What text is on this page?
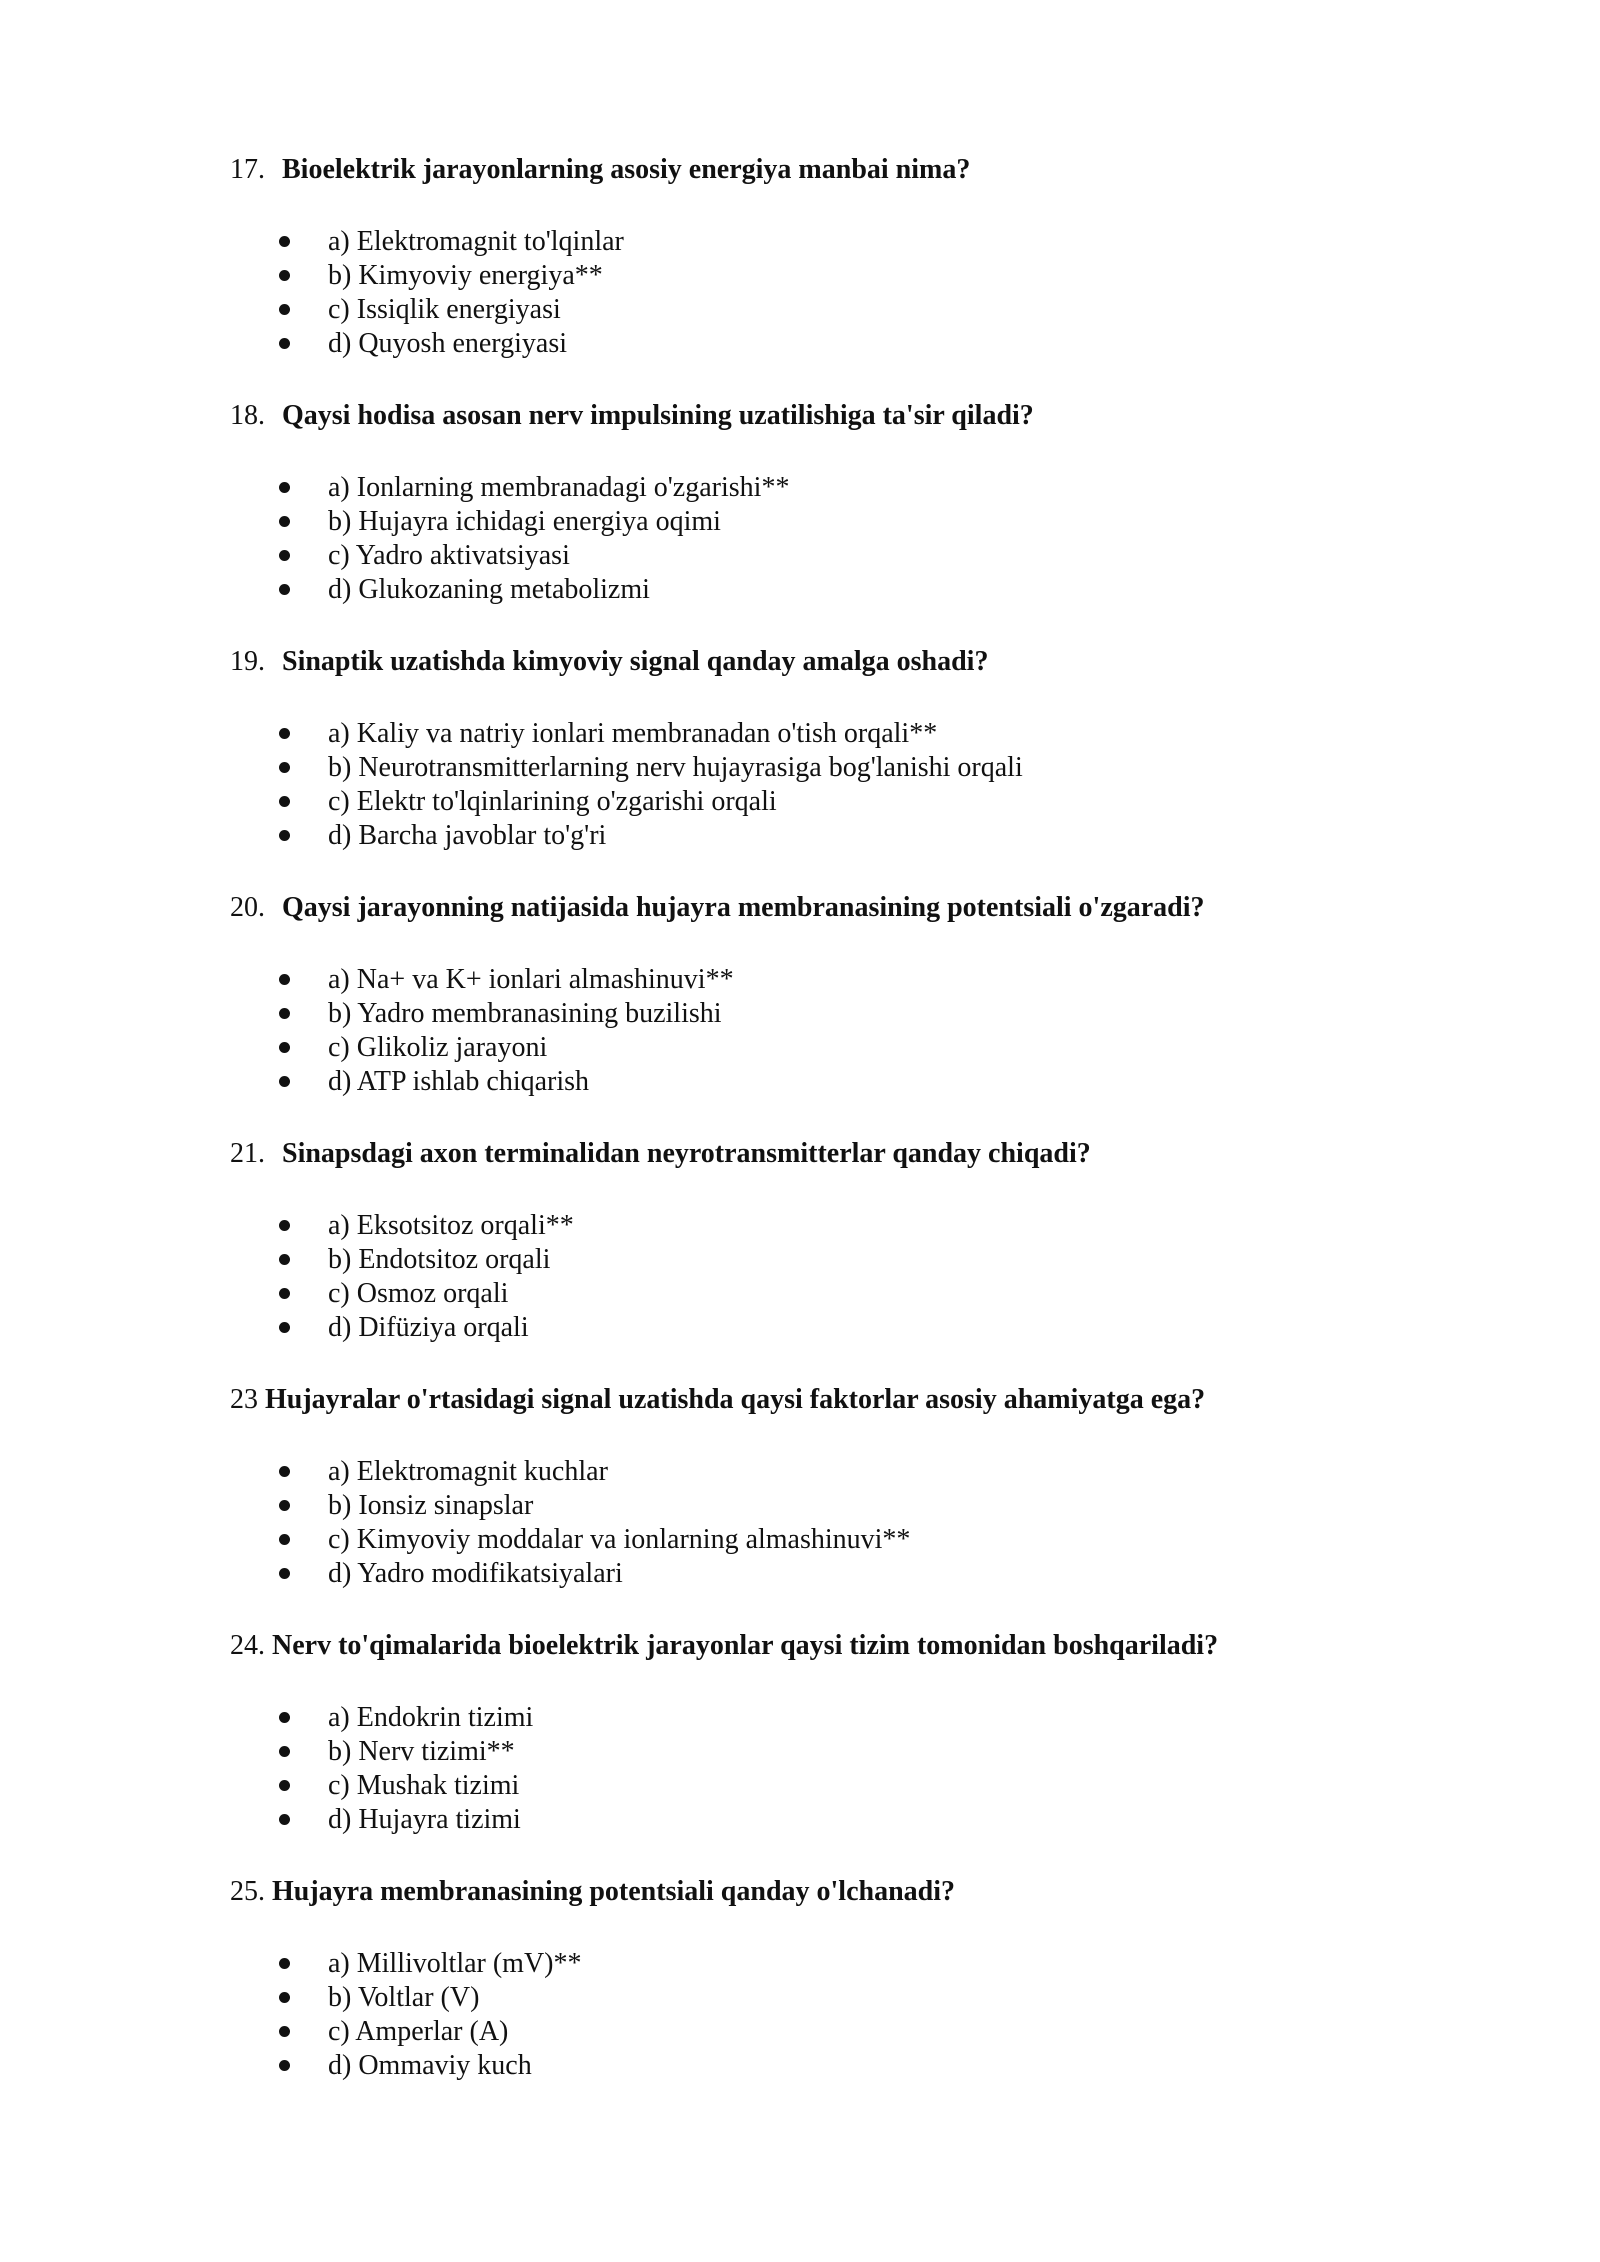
17. Bioelektrik jarayonlarning asosiy energiya manbai nima?
a) Elektromagnit to'lqinlar
b) Kimyoviy energiya**
c) Issiqlik energiyasi
d) Quyosh energiyasi
18. Qaysi hodisa asosan nerv impulsining uzatilishiga ta'sir qiladi?
a) Ionlarning membranadagi o'zgarishi**
b) Hujayra ichidagi energiya oqimi
c) Yadro aktivatsiyasi
d) Glukozaning metabolizmi
19. Sinaptik uzatishda kimyoviy signal qanday amalga oshadi?
a) Kaliy va natriy ionlari membranadan o'tish orqali**
b) Neurotransmitterlarning nerv hujayrasiga bog'lanishi orqali
c) Elektr to'lqinlarining o'zgarishi orqali
d) Barcha javoblar to'g'ri
20. Qaysi jarayonning natijasida hujayra membranasining potentsiali o'zgaradi?
a) Na+ va K+ ionlari almashinuvi**
b) Yadro membranasining buzilishi
c) Glikoliz jarayoni
d) ATP ishlab chiqarish
21. Sinapsdagi axon terminalidan neyrotransmitterlar qanday chiqadi?
a) Eksotsitoz orqali**
b) Endotsitoz orqali
c) Osmoz orqali
d) Difüziya orqali
23 Hujayralar o'rtasidagi signal uzatishda qaysi faktorlar asosiy ahamiyatga ega?
a) Elektromagnit kuchlar
b) Ionsiz sinapslar
c) Kimyoviy moddalar va ionlarning almashinuvi**
d) Yadro modifikatsiyalari
24. Nerv to'qimalarida bioelektrik jarayonlar qaysi tizim tomonidan boshqariladi?
a) Endokrin tizimi
b) Nerv tizimi**
c) Mushak tizimi
d) Hujayra tizimi
25. Hujayra membranasining potentsiali qanday o'lchanadi?
a) Millivoltlar (mV)**
b) Voltlar (V)
c) Amperlar (A)
d) Ommaviy kuch
